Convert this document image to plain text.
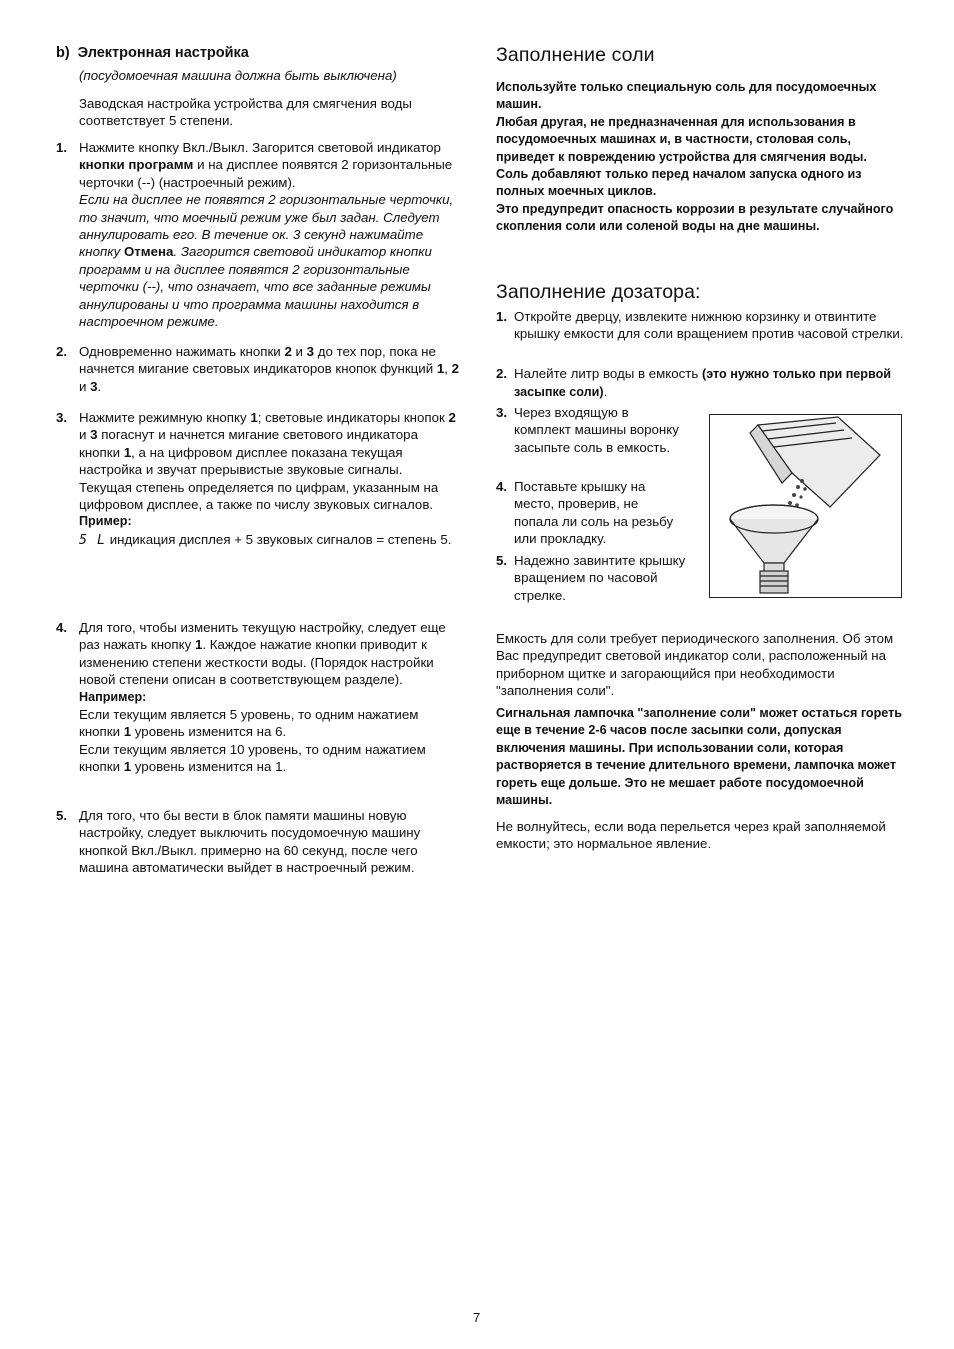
b) Электронная настройка
(посудомоечная машина должна быть выключена)
Заводская настройка устройства для смягчения воды соответствует 5 степени.
1. Нажмите кнопку Вкл./Выкл. Загорится световой индикатор кнопки программ и на дисплее появятся 2 горизонтальные черточки (--) (настроечный режим).

Если на дисплее не появятся 2 горизонтальные черточки, то значит, что моечный режим уже был задан. Следует аннулировать его. В течение ок. 3 секунд нажимайте кнопку Отмена. Загорится световой индикатор кнопки программ и на дисплее появятся 2 горизонтальные черточки (--), что означает, что все заданные режимы аннулированы и что программа машины находится в настроечном режиме.

2. Одновременно нажимать кнопки 2 и 3 до тех пор, пока не начнется мигание световых индикаторов кнопок функций 1, 2 и 3.

3. Нажмите режимную кнопку 1; световые индикаторы кнопок 2 и 3 погаснут и начнется мигание светового индикатора кнопки 1, а на цифровом дисплее показана текущая настройка и звучат прерывистые звуковые сигналы.

Текущая степень определяется по цифрам, указанным на цифровом дисплее, а также по числу звуковых сигналов.

Пример:

5 L индикация дисплея + 5 звуковых сигналов = степень 5.

4. Для того, чтобы изменить текущую настройку, следует еще раз нажать кнопку 1. Каждое нажатие кнопки приводит к изменению степени жесткости воды. (Порядок настройки новой степени описан в соответствующем разделе).

Например:

Если текущим является 5 уровень, то одним нажатием кнопки 1 уровень изменится на 6.

Если текущим является 10 уровень, то одним нажатием кнопки 1 уровень изменится на 1.

5. Для того, что бы вести в блок памяти машины новую настройку, следует выключить посудомоечную машину кнопкой Вкл./Выкл. примерно на 60 секунд, после чего машина автоматически выйдет в настроечный режим.

Заполнение соли
Используйте только специальную соль для посудомоечных машин.
Любая другая, не предназначенная для использования в посудомоечных машинах и, в частности, столовая соль, приведет к повреждению устройства для смягчения воды.
Соль добавляют только перед началом запуска одного из полных моечных циклов.
Это предупредит опасность коррозии в результате случайного скопления соли или соленой воды на дне машины.
Заполнение дозатора:
1. Откройте дверцу, извлеките нижнюю корзинку и отвинтите крышку емкости для соли вращением против часовой стрелки.
2. Налейте литр воды в емкость (это нужно только при первой засыпке соли).
3. Через входящую в комплект машины воронку засыпьте соль в емкость.
4. Поставьте крышку на место, проверив, не попала ли соль на резьбу или прокладку.
5. Надежно завинтите крышку вращением по часовой стрелке.
Емкость для соли требует периодического заполнения. Об этом Вас предупредит световой индикатор соли, расположенный на приборном щитке и загорающийся при необходимости "заполнения соли".
Сигнальная лампочка "заполнение соли" может остаться гореть еще в течение 2-6 часов после засыпки соли, допуская включения машины. При использовании соли, которая растворяется в течение длительного времени, лампочка может гореть еще дольше. Это не мешает работе посудомоечной машины.
Не волнуйтесь, если вода перельется через край заполняемой емкости; это нормальное явление.
7
